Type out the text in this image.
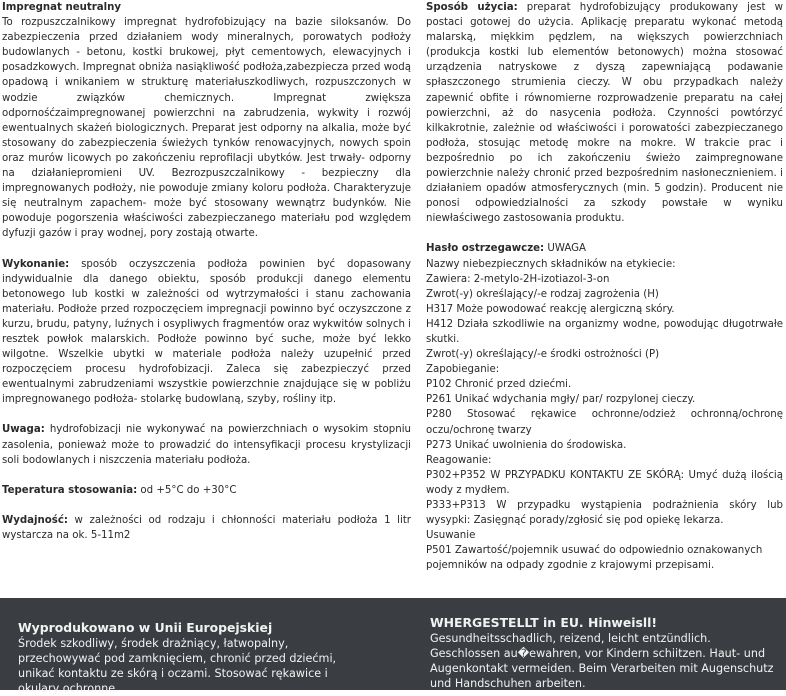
Impregnat neutralny

To rozpuszczalnikowy impregnat hydrofobizujący na bazie siloksanów. Do zabezpieczenia przed działaniem wody mineralnych, porowatych podłoży budowlanych - betonu, kostki brukowej, płyt cementowych, elewacyjnych i posadzkowych. Impregnat obniża nasiąkliwość podłoża,zabezpiecza przed wodą opadową i wnikaniem w strukturę materiałuszkodliwych, rozpuszczonych w wodzie związków chemicznych. Impregnat zwiększa odpornośćzaimpregnowanej powierzchni na zabrudzenia, wykwity i rozwój ewentualnych skażeń biologicznych. Preparat jest odporny na alkalia, może być stosowany do zabezpieczenia świeżych tynków renowacyjnych, nowych spoin oraz murów licowych po zakończeniu reprofilacji ubytków. Jest trwały- odporny na działaniepromieni UV. Bezrozpuszczalnikowy - bezpieczny dla impregnowanych podłoży, nie powoduje zmiany koloru podłoża. Charakteryzuje się neutralnym zapachem- może być stosowany wewnątrz budynków. Nie powoduje pogorszenia właściwości zabezpieczanego materiału pod względem dyfuzji gazów i pray wodnej, pory zostają otwarte.

Wykonanie: sposób oczyszczenia podłoża powinien być dopasowany indywidualnie dla danego obiektu, sposób produkcji danego elementu betonowego lub kostki w zależności od wytrzymałości i stanu zachowania materiału. Podłoże przed rozpoczęciem impregnacji powinno być oczyszczone z kurzu, brudu, patyny, luźnych i osypliwych fragmentów oraz wykwitów solnych i resztek powłok malarskich. Podłoże powinno być suche, może być lekko wilgotne. Wszelkie ubytki w materiale podłoża należy uzupełnić przed rozpoczęciem procesu hydrofobizacji. Zaleca się zabezpieczyć przed ewentualnymi zabrudzeniami wszystkie powierzchnie znajdujące się w pobliżu impregnowanego podłoża- stolarkę budowlaną, szyby, rośliny itp.

Uwaga: hydrofobizacji nie wykonywać na powierzchniach o wysokim stopniu zasolenia, ponieważ może to prowadzić do intensyfikacji procesu krystylizacji soli bodowlanych i niszczenia materiału podłoża.

Teperatura stosowania: od +5°C do +30°C

Wydajność: w zależności od rodzaju i chłonności materiału podłoża 1 litr wystarcza na ok. 5-11m2

Sposób użycia: preparat hydrofobizujący produkowany jest w postaci gotowej do użycia. Aplikację preparatu wykonać metodą malarską, miękkim pędzlem, na większych powierzchniach (produkcja kostki lub elementów betonowych) można stosować urządzenia natryskowe z dyszą zapewniającą podawanie spłaszczonego strumienia cieczy. W obu przypadkach należy zapewnić obfite i równomierne rozprowadzenie preparatu na całej powierzchni, aż do nasycenia podłoża. Czynności powtórzyć kilkakrotnie, zależnie od właściwości i porowatości zabezpieczanego podłoża, stosując metodę mokre na mokre. W trakcie prac i bezpośrednio po ich zakończeniu świeżo zaimpregnowane powierzchnie należy chronić przed bezpośrednim nasłonecznieniem. i działaniem opadów atmosferycznych (min. 5 godzin). Producent nie ponosi odpowiedzialności za szkody powstałe w wyniku niewłaściwego zastosowania produktu.

Hasło ostrzegawcze: UWAGA
Nazwy niebezpiecznych składników na etykiecie:
Zawiera: 2-metylo-2H-izotiazol-3-on
Zwrot(-y) określający/-e rodzaj zagrożenia (H)
H317 Może powodować reakcję alergiczną skóry.
H412 Działa szkodliwie na organizmy wodne, powodując długotrwałe skutki.
Zwrot(-y) określający/-e środki ostrożności (P)
Zapobieganie:
P102 Chronić przed dziećmi.
P261 Unikać wdychania mgły/ par/ rozpylonej cieczy.
P280 Stosować rękawice ochronne/odzież ochronną/ochronę oczu/ochronę twarzy
P273 Unikać uwolnienia do środowiska.
Reagowanie:
P302+P352 W PRZYPADKU KONTAKTU ZE SKÓRĄ: Umyć dużą ilością wody z mydłem.
P333+P313 W przypadku wystąpienia podrażnienia skóry lub wysypki: Zasięgnąć porady/zgłosić się pod opiekę lekarza.
Usuwanie
P501 Zawartość/pojemnik usuwać do odpowiednio oznakowanych pojemników na odpady zgodnie z krajowymi przepisami.
Wyprodukowano w Unii Europejskiej
Środek szkodliwy, środek drażniący, łatwopalny, przechowywać pod zamknięciem, chronić przed dziećmi, unikać kontaktu ze skórą i oczami. Stosować rękawice i okulary ochronne.
WHERGESTELLT in EU. Hinweisll!
Gesundheitsschadlich, reizend, leicht entzündlich. Geschlossen au�ewahren, vor Kindern schiitzen. Haut- und Augenkontakt vermeiden. Beim Verarbeiten mit Augenschutz und Handschuhen arbeiten.
